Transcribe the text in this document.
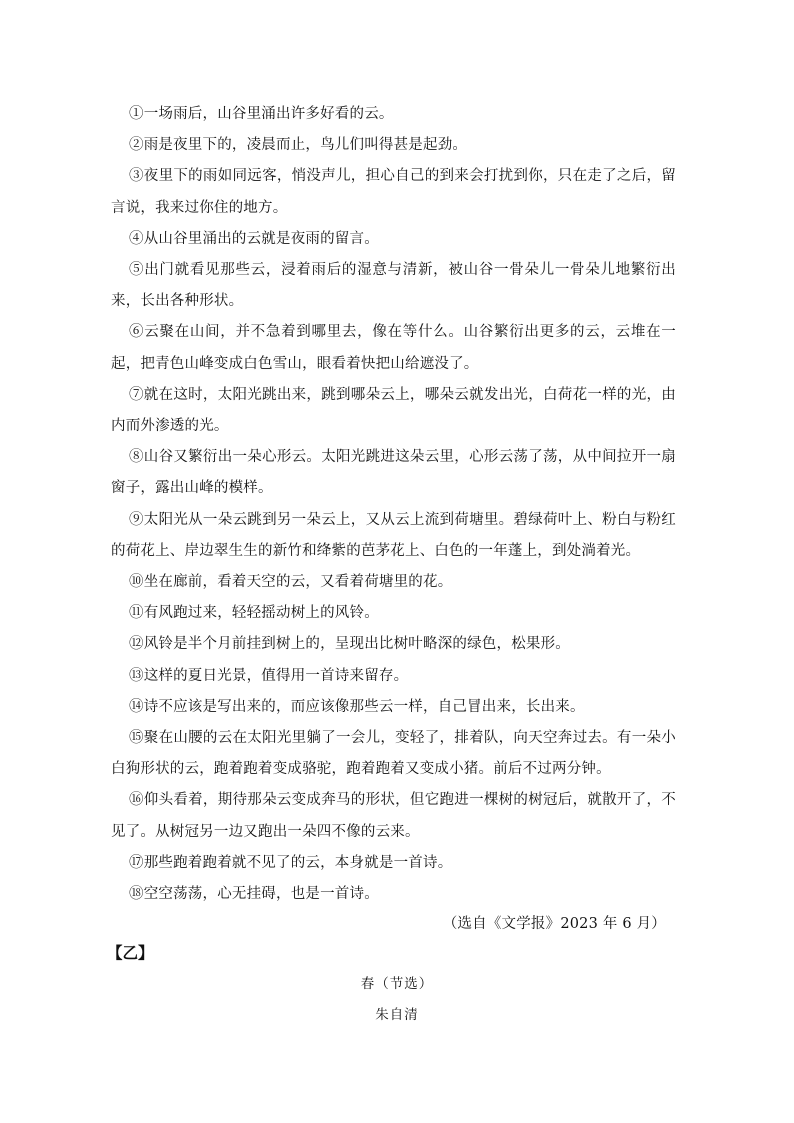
①一场雨后，山谷里涌出许多好看的云。

②雨是夜里下的，凌晨而止，鸟儿们叫得甚是起劲。

③夜里下的雨如同远客，悄没声儿，担心自己的到来会打扰到你，只在走了之后，留言说，我来过你住的地方。

④从山谷里涌出的云就是夜雨的留言。

⑤出门就看见那些云，浸着雨后的湿意与清新，被山谷一骨朵儿一骨朵儿地繁衍出来，长出各种形状。

⑥云聚在山间，并不急着到哪里去，像在等什么。山谷繁衍出更多的云，云堆在一起，把青色山峰变成白色雪山，眼看着快把山给遮没了。

⑦就在这时，太阳光跳出来，跳到哪朵云上，哪朵云就发出光，白荷花一样的光，由内而外渗透的光。

⑧山谷又繁衍出一朵心形云。太阳光跳进这朵云里，心形云荡了荡，从中间拉开一扇窗子，露出山峰的模样。

⑨太阳光从一朵云跳到另一朵云上，又从云上流到荷塘里。碧绿荷叶上、粉白与粉红的荷花上、岸边翠生生的新竹和绛紫的芭茅花上、白色的一年蓬上，到处淌着光。

⑩坐在廊前，看着天空的云，又看着荷塘里的花。

⑪有风跑过来，轻轻摇动树上的风铃。

⑫风铃是半个月前挂到树上的，呈现出比树叶略深的绿色，松果形。

⑬这样的夏日光景，值得用一首诗来留存。

⑭诗不应该是写出来的，而应该像那些云一样，自己冒出来，长出来。

⑮聚在山腰的云在太阳光里躺了一会儿，变轻了，排着队，向天空奔过去。有一朵小白狗形状的云，跑着跑着变成骆驼，跑着跑着又变成小猪。前后不过两分钟。

⑯仰头看着，期待那朵云变成奔马的形状，但它跑进一棵树的树冠后，就散开了，不见了。从树冠另一边又跑出一朵四不像的云来。

⑰那些跑着跑着就不见了的云，本身就是一首诗。

⑱空空荡荡，心无挂碍，也是一首诗。

（选自《文学报》2023 年 6 月）
【乙】
春（节选）
朱自清
